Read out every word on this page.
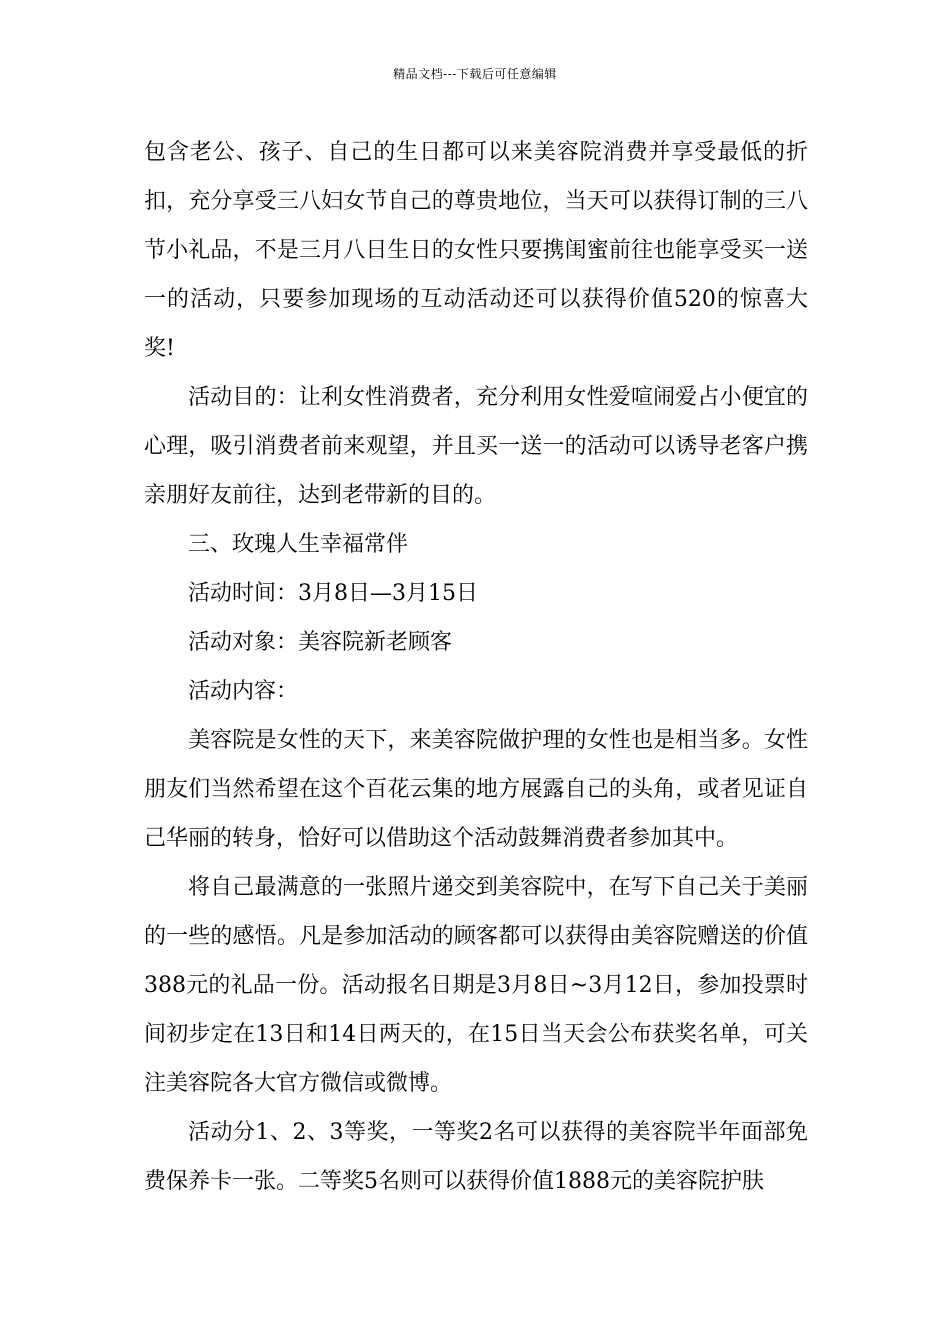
精品文档---下载后可任意编辑

包含老公、孩子、自己的生日都可以来美容院消费并享受最低的折扣，充分享受三八妇女节自己的尊贵地位，当天可以获得订制的三八节小礼品，不是三月八日生日的女性只要携闺蜜前往也能享受买一送一的活动，只要参加现场的互动活动还可以获得价值520的惊喜大奖!

活动目的：让利女性消费者，充分利用女性爱喧闹爱占小便宜的心理，吸引消费者前来观望，并且买一送一的活动可以诱导老客户携亲朋好友前往，达到老带新的目的。

三、玫瑰人生幸福常伴

活动时间：3月8日—3月15日

活动对象：美容院新老顾客

活动内容：

美容院是女性的天下，来美容院做护理的女性也是相当多。女性朋友们当然希望在这个百花云集的地方展露自己的头角，或者见证自己华丽的转身，恰好可以借助这个活动鼓舞消费者参加其中。

将自己最满意的一张照片递交到美容院中，在写下自己关于美丽的一些的感悟。凡是参加活动的顾客都可以获得由美容院赠送的价值388元的礼品一份。活动报名日期是3月8日~3月12日，参加投票时间初步定在13日和14日两天的，在15日当天会公布获奖名单，可关注美容院各大官方微信或微博。

活动分1、2、3等奖，一等奖2名可以获得的美容院半年面部免费保养卡一张。二等奖5名则可以获得价值1888元的美容院护肤
